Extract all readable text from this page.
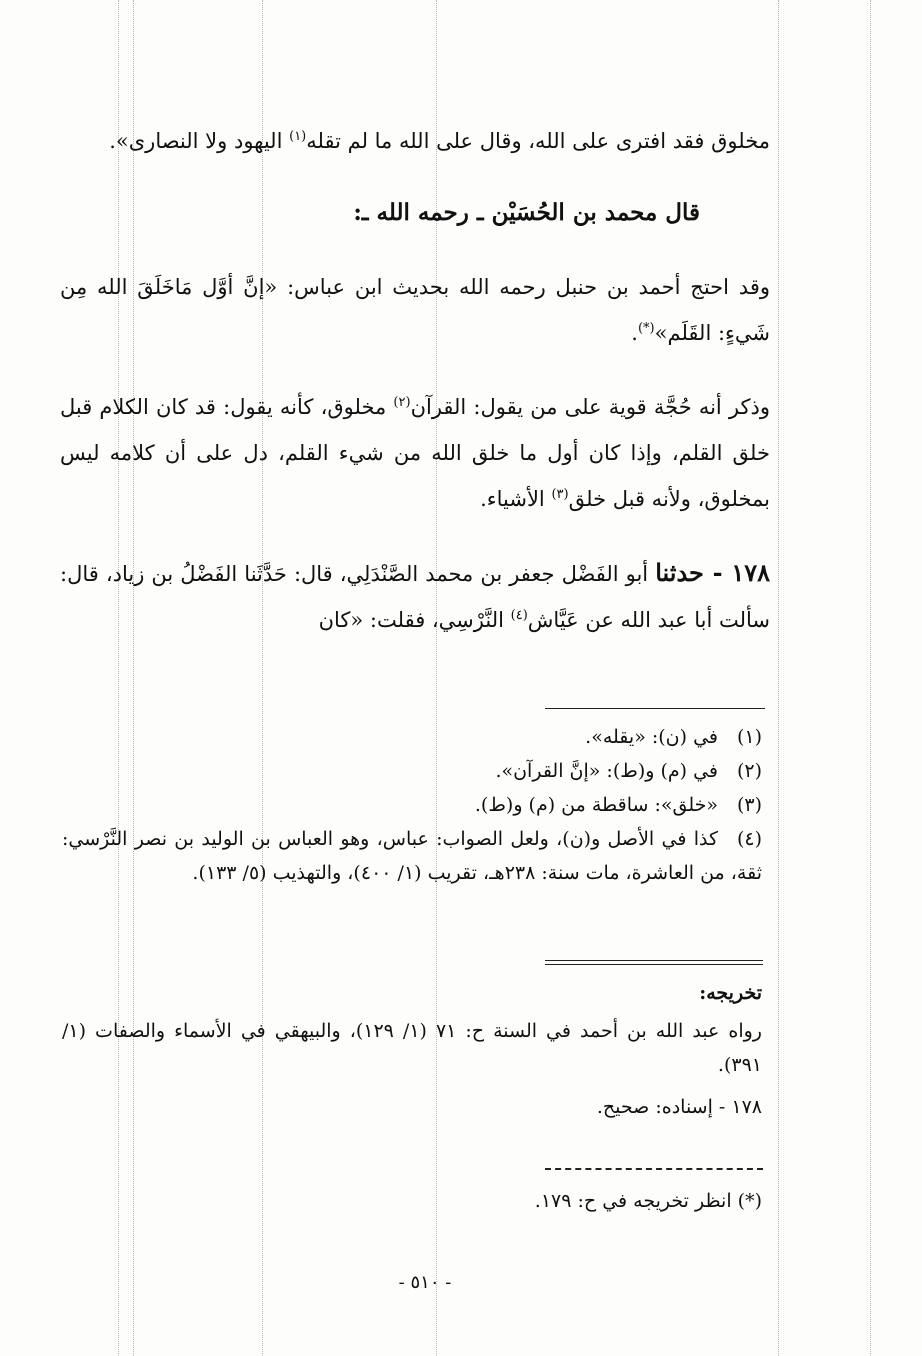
مخلوق فقد افترى على الله، وقال على الله ما لم تقله$^{(١)}$ اليهود ولا النصارى».

قال محمد بن الحُسَيْن ـ رحمه الله ـ:

وقد احتج أحمد بن حنبل رحمه الله بحديث ابن عباس: «إنَّ أوَّل مَاخَلَقَ الله مِن شَيءٍ: القَلَم»(*).

وذكر أنه حُجَّة قوية على من يقول: القرآن$^{(٢)}$ مخلوق، كأنه يقول: قد كان الكلام قبل خلق القلم، وإذا كان أول ما خلق الله من شيء القلم، دل على أن كلامه ليس بمخلوق، ولأنه قبل خلق$^{(٣)}$ الأشياء.

١٧٨ - حدثنا أبو الفَضْل جعفر بن محمد الصَّنْدَلِي، قال: حَدَّثَنا الفَضْلُ بن زياد، قال: سألت أبا عبد الله عن عَيَّاش$^{(٤)}$ النَّرْسِي، فقلت: «كان

(١)في (ن): «يقله».
(٢)في (م) و(ط): «إنَّ القرآن».
(٣)«خلق»: ساقطة من (م) و(ط).
(٤)كذا في الأصل و(ن)، ولعل الصواب: عباس، وهو العباس بن الوليد بن نصر النَّرْسي: ثقة، من العاشرة، مات سنة: ٢٣٨هـ، تقريب (١/ ٤٠٠)، والتهذيب (٥/ ١٣٣).
تخريجه:
رواه عبد الله بن أحمد في السنة ح: ٧١ (١/ ١٢٩)، والبيهقي في الأسماء والصفات (١/ ٣٩١).
١٧٨ - إسناده: صحيح.
(*) انظر تخريجه في ح: ١٧٩.
- ٥١٠ -
